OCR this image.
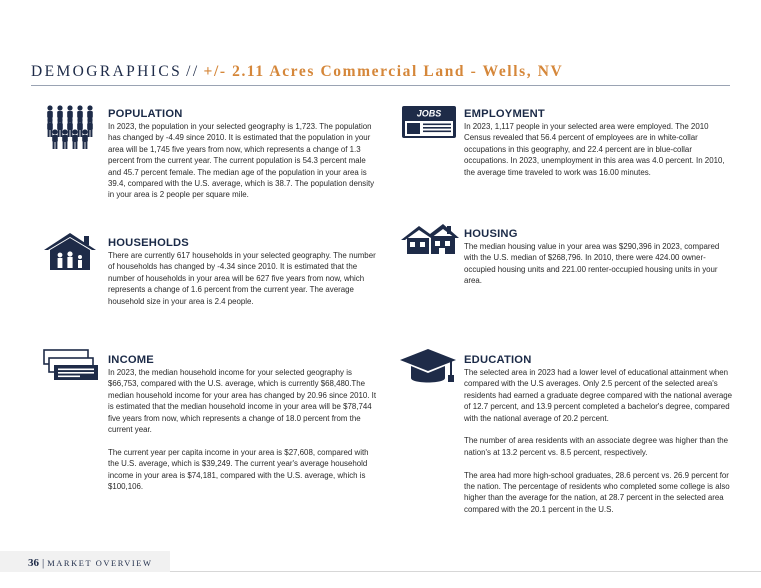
DEMOGRAPHICS // +/- 2.11 Acres Commercial Land - Wells, NV
POPULATION

In 2023, the population in your selected geography is 1,723. The population has changed by -4.49 since 2010. It is estimated that the population in your area will be 1,745 five years from now, which represents a change of 1.3 percent from the current year. The current population is 54.3 percent male and 45.7 percent female. The median age of the population in your area is 39.4, compared with the U.S. average, which is 38.7. The population density in your area is 2 people per square mile.

JOBS EMPLOYMENT

In 2023, 1,117 people in your selected area were employed. The 2010 Census revealed that 56.4 percent of employees are in white-collar occupations in this geography, and 22.4 percent are in blue-collar occupations. In 2023, unemployment in this area was 4.0 percent. In 2010, the average time traveled to work was 16.00 minutes.

HOUSING

The median housing value in your area was $290,396 in 2023, compared with the U.S. median of $268,796. In 2010, there were 424.00 owner-occupied housing units and 221.00 renter-occupied housing units in your area.

HOUSEHOLDS

There are currently 617 households in your selected geography. The number of households has changed by -4.34 since 2010. It is estimated that the number of households in your area will be 627 five years from now, which represents a change of 1.6 percent from the current year. The average household size in your area is 2.4 people.

INCOME

In 2023, the median household income for your selected geography is $66,753, compared with the U.S. average, which is currently $68,480.The median household income for your area has changed by 20.96 since 2010. It is estimated that the median household income in your area will be $78,744 five years from now, which represents a change of 18.0 percent from the current year.

The current year per capita income in your area is $27,608, compared with the U.S. average, which is $39,249. The current year's average household income in your area is $74,181, compared with the U.S. average, which is $100,106.

EDUCATION

The selected area in 2023 had a lower level of educational attainment when compared with the U.S averages. Only 2.5 percent of the selected area's residents had earned a graduate degree compared with the national average of 12.7 percent, and 13.9 percent completed a bachelor's degree, compared with the national average of 20.2 percent.

The number of area residents with an associate degree was higher than the nation's at 13.2 percent vs. 8.5 percent, respectively.

The area had more high-school graduates, 28.6 percent vs. 26.9 percent for the nation. The percentage of residents who completed some college is also higher than the average for the nation, at 28.7 percent in the selected area compared with the 20.1 percent in the U.S.

36 | MARKET OVERVIEW
